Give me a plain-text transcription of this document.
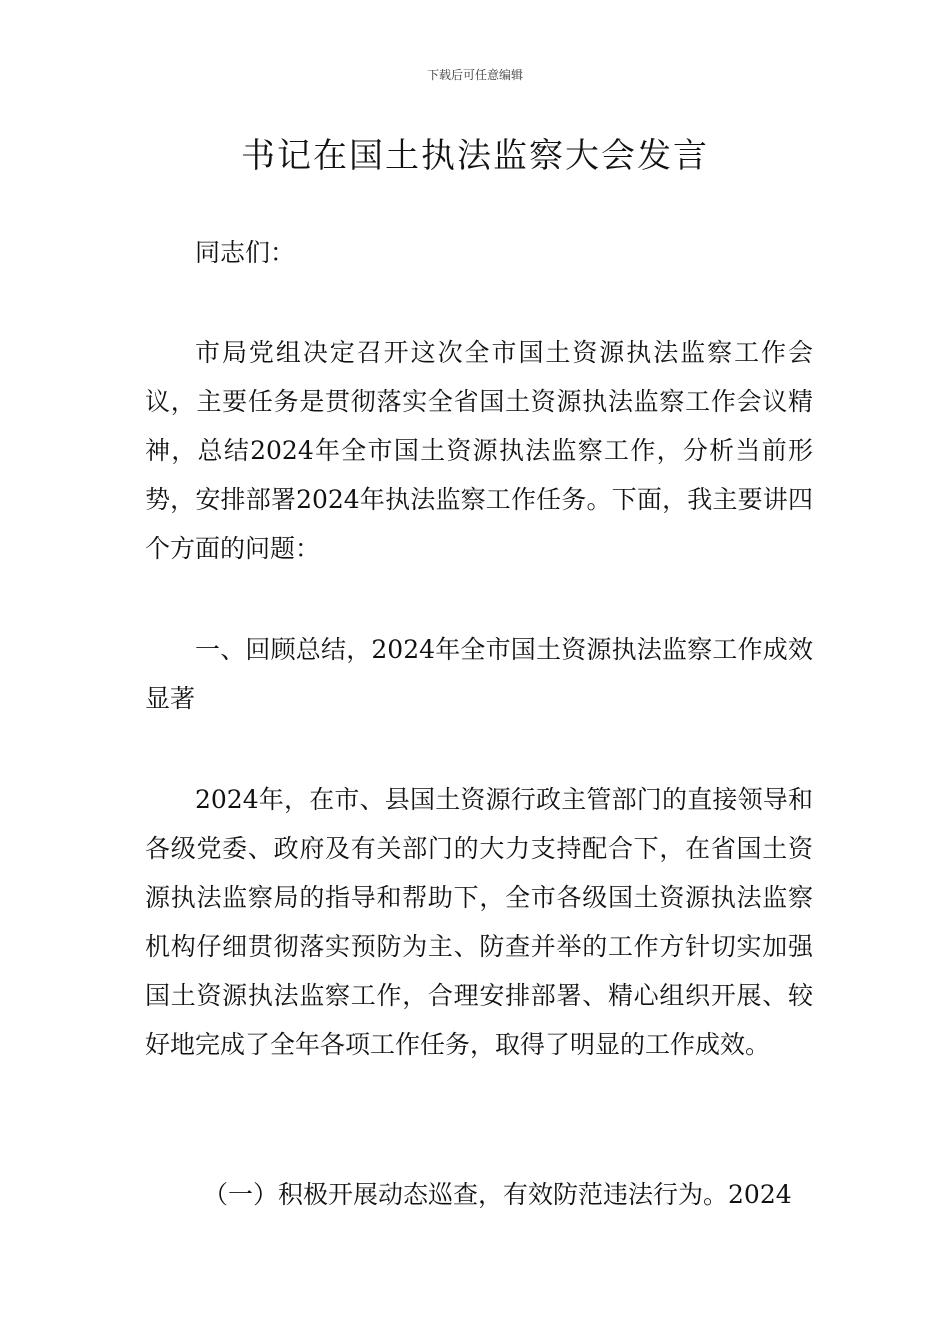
下载后可任意编辑
书记在国土执法监察大会发言

同志们：

市局党组决定召开这次全市国土资源执法监察工作会议，主要任务是贯彻落实全省国土资源执法监察工作会议精神，总结2024年全市国土资源执法监察工作，分析当前形势，安排部署2024年执法监察工作任务。下面，我主要讲四个方面的问题：

一、回顾总结，2024年全市国土资源执法监察工作成效显著

2024年，在市、县国土资源行政主管部门的直接领导和各级党委、政府及有关部门的大力支持配合下，在省国土资源执法监察局的指导和帮助下，全市各级国土资源执法监察机构仔细贯彻落实预防为主、防查并举的工作方针切实加强国土资源执法监察工作，合理安排部署、精心组织开展、较好地完成了全年各项工作任务，取得了明显的工作成效。

（一）积极开展动态巡查，有效防范违法行为。2024
